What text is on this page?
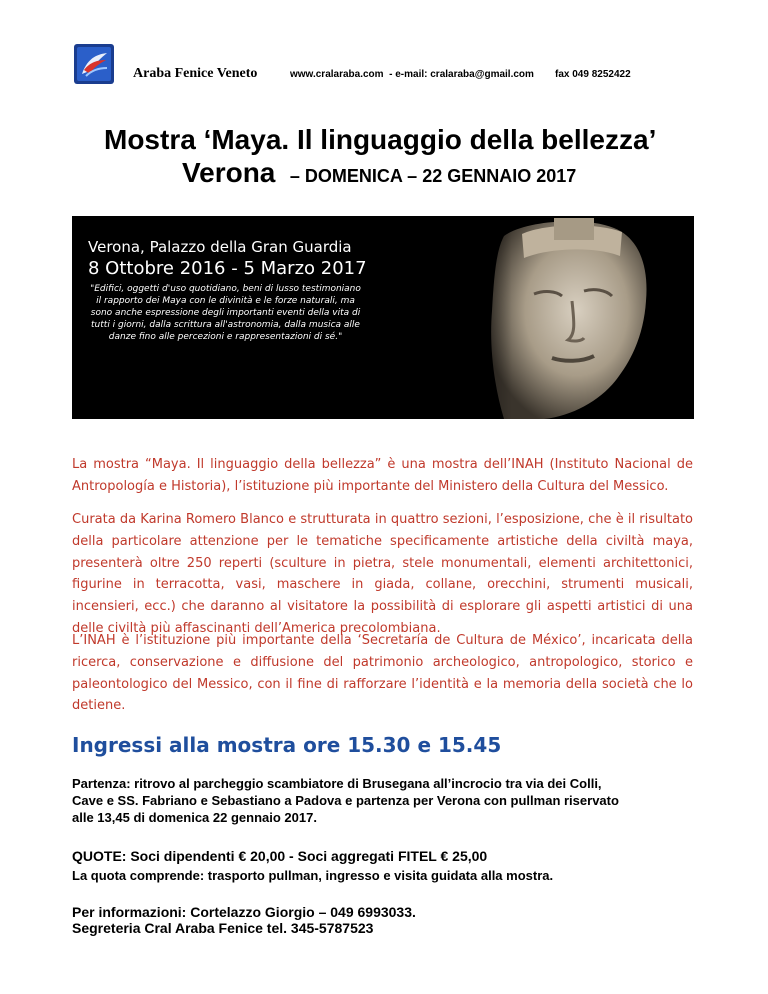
Araba Fenice Veneto	www.cralaraba.com  - e-mail: cralaraba@gmail.com fax 049 8252422
Mostra ‘Maya. Il linguaggio della bellezza’
Verona – DOMENICA – 22 GENNAIO 2017
Verona, Palazzo della Gran Guardia
8 Ottobre 2016 - 5 Marzo 2017
"Edifici, oggetti d'uso quotidiano, beni di lusso testimoniano il rapporto dei Maya con le divinità e le forze naturali, ma sono anche espressione degli importanti eventi della vita di tutti i giorni, dalla scrittura all'astronomia, dalla musica alle danze fino alle percezioni e rappresentazioni di sé."
La mostra “Maya. Il linguaggio della bellezza” è una mostra dell’INAH (Instituto Nacional de Antropología e Historia), l’istituzione più importante del Ministero della Cultura del Messico.
Curata da Karina Romero Blanco e strutturata in quattro sezioni, l’esposizione, che è il risultato della particolare attenzione per le tematiche specificamente artistiche della civiltà maya, presenterà oltre 250 reperti (sculture in pietra, stele monumentali, elementi architettonici, figurine in terracotta, vasi, maschere in giada, collane, orecchini, strumenti musicali, incensieri, ecc.) che daranno al visitatore la possibilità di esplorare gli aspetti artistici di una delle civiltà più affascinanti dell’America precolombiana.
L’INAH è l’istituzione più importante della ‘Secretaría de Cultura de México’, incaricata della ricerca, conservazione e diffusione del patrimonio archeologico, antropologico, storico e paleontologico del Messico, con il fine di rafforzare l’identità e la memoria della società che lo detiene.
Ingressi alla mostra ore 15.30 e 15.45
Partenza: ritrovo al parcheggio scambiatore di Brusegana all’incrocio tra via dei Colli,
Cave e SS. Fabriano e Sebastiano a Padova e partenza per Verona con pullman riservato
alle 13,45 di domenica 22 gennaio 2017.
QUOTE: Soci dipendenti € 20,00 - Soci aggregati FITEL € 25,00
La quota comprende: trasporto pullman, ingresso e visita guidata alla mostra.
Per informazioni: Cortelazzo Giorgio – 049 6993033.
Segreteria Cral Araba Fenice tel. 345-5787523
